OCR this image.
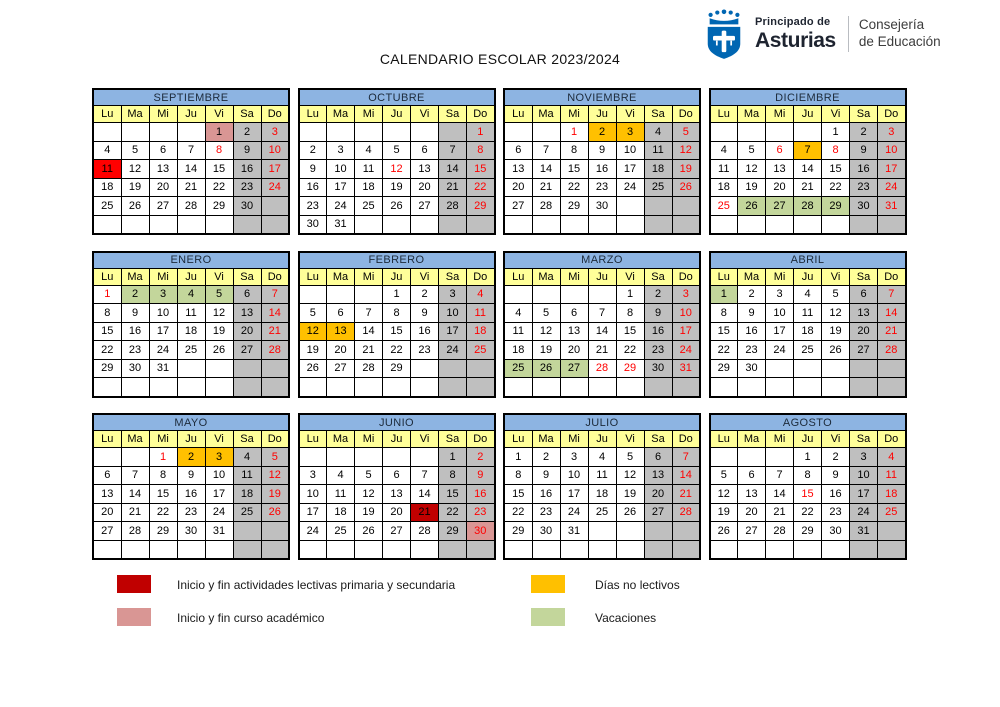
CALENDARIO ESCOLAR 2023/2024
Principado de
Asturias
Consejería
de Educación
SEPTIEMBRE						
Lu	Ma	Mi	Ju	Vi	Sa	Do
				1	2	3
4	5	6	7	8	9	10
11	12	13	14	15	16	17
18	19	20	21	22	23	24
25	26	27	28	29	30	

OCTUBRE						
Lu	Ma	Mi	Ju	Vi	Sa	Do
						1
2	3	4	5	6	7	8
9	10	11	12	13	14	15
16	17	18	19	20	21	22
23	24	25	26	27	28	29
30	31					
NOVIEMBRE						
Lu	Ma	Mi	Ju	Vi	Sa	Do
		1	2	3	4	5
6	7	8	9	10	11	12
13	14	15	16	17	18	19
20	21	22	23	24	25	26
27	28	29	30			

DICIEMBRE						
Lu	Ma	Mi	Ju	Vi	Sa	Do
				1	2	3
4	5	6	7	8	9	10
11	12	13	14	15	16	17
18	19	20	21	22	23	24
25	26	27	28	29	30	31

ENERO						
Lu	Ma	Mi	Ju	Vi	Sa	Do
1	2	3	4	5	6	7
8	9	10	11	12	13	14
15	16	17	18	19	20	21
22	23	24	25	26	27	28
29	30	31				

FEBRERO						
Lu	Ma	Mi	Ju	Vi	Sa	Do
			1	2	3	4
5	6	7	8	9	10	11
12	13	14	15	16	17	18
19	20	21	22	23	24	25
26	27	28	29			

MARZO						
Lu	Ma	Mi	Ju	Vi	Sa	Do
				1	2	3
4	5	6	7	8	9	10
11	12	13	14	15	16	17
18	19	20	21	22	23	24
25	26	27	28	29	30	31

ABRIL						
Lu	Ma	Mi	Ju	Vi	Sa	Do
1	2	3	4	5	6	7
8	9	10	11	12	13	14
15	16	17	18	19	20	21
22	23	24	25	26	27	28
29	30					

MAYO						
Lu	Ma	Mi	Ju	Vi	Sa	Do
		1	2	3	4	5
6	7	8	9	10	11	12
13	14	15	16	17	18	19
20	21	22	23	24	25	26
27	28	29	30	31		

JUNIO						
Lu	Ma	Mi	Ju	Vi	Sa	Do
					1	2
3	4	5	6	7	8	9
10	11	12	13	14	15	16
17	18	19	20	21	22	23
24	25	26	27	28	29	30

JULIO						
Lu	Ma	Mi	Ju	Vi	Sa	Do
1	2	3	4	5	6	7
8	9	10	11	12	13	14
15	16	17	18	19	20	21
22	23	24	25	26	27	28
29	30	31				

AGOSTO						
Lu	Ma	Mi	Ju	Vi	Sa	Do
			1	2	3	4
5	6	7	8	9	10	11
12	13	14	15	16	17	18
19	20	21	22	23	24	25
26	27	28	29	30	31	

Inicio y fin actividades lectivas primaria y secundaria
Inicio y fin curso académico
Días no lectivos
Vacaciones
